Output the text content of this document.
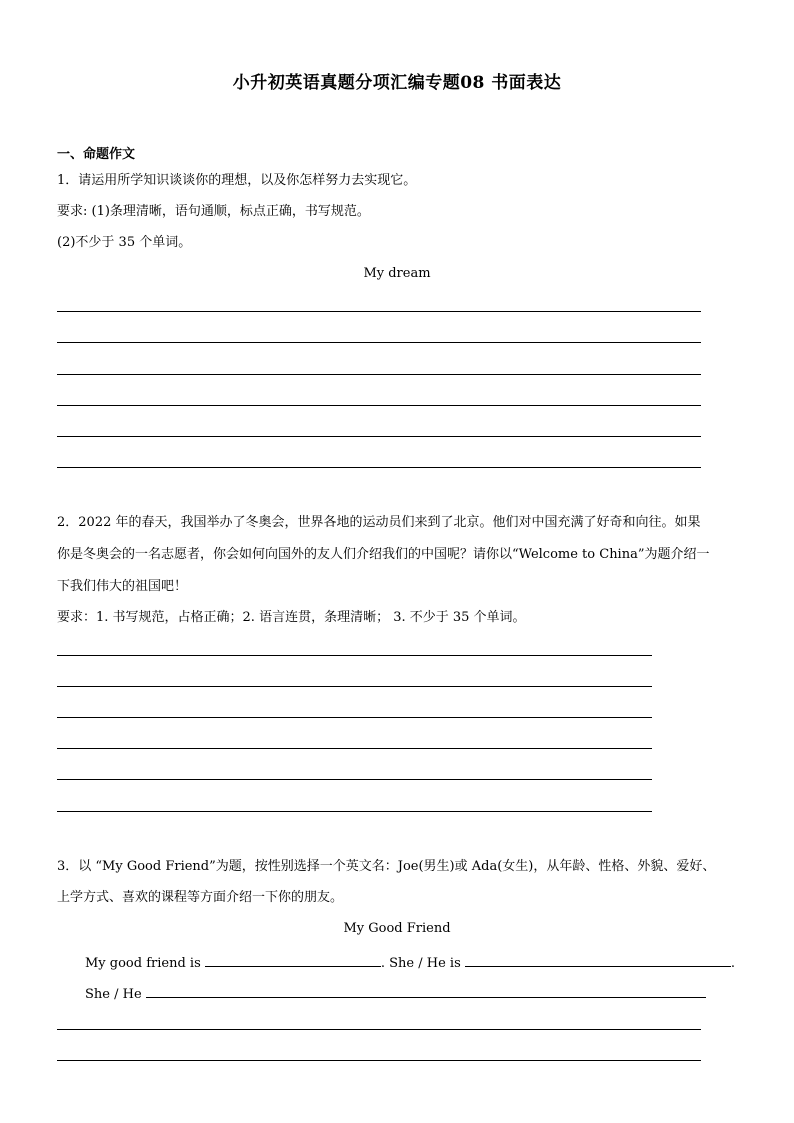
小升初英语真题分项汇编专题08 书面表达
一、命题作文
1．请运用所学知识谈谈你的理想，以及你怎样努力去实现它。
要求: (1)条理清晰，语句通顺，标点正确，书写规范。
(2)不少于 35 个单词。
My dream
2．2022 年的春天，我国举办了冬奥会，世界各地的运动员们来到了北京。他们对中国充满了好奇和向往。如果
你是冬奥会的一名志愿者，你会如何向国外的友人们介绍我们的中国呢？请你以“Welcome to China”为题介绍一
下我们伟大的祖国吧！
要求：1. 书写规范，占格正确；2. 语言连贯，条理清晰； 3. 不少于 35 个单词。
3．以 “My Good Friend”为题，按性别选择一个英文名：Joe(男生)或 Ada(女生)，从年龄、性格、外貌、爱好、
上学方式、喜欢的课程等方面介绍一下你的朋友。
My Good Friend
My good friend is	. She / He is	.
She / He
